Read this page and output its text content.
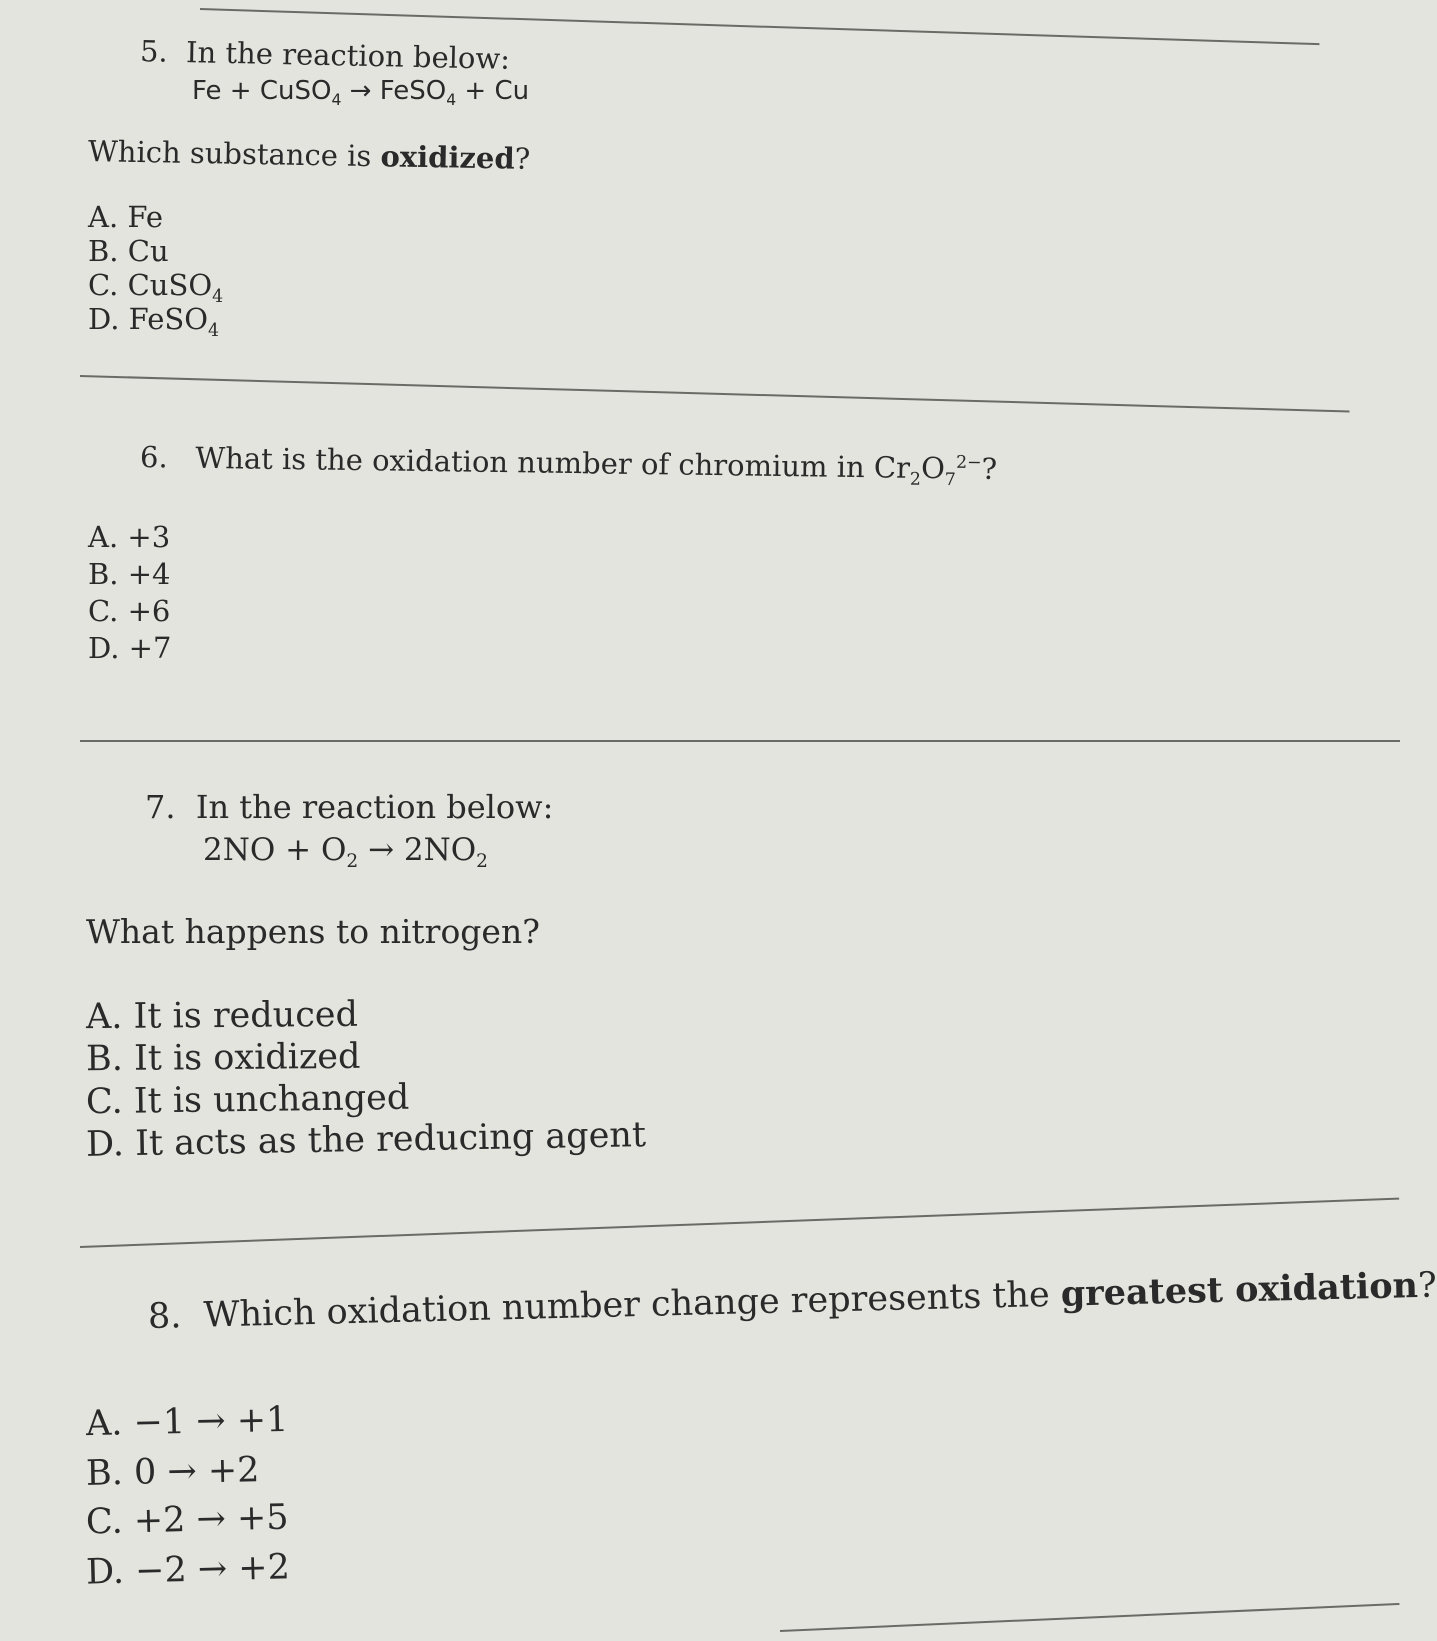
5. In the reaction below:
Fe + CuSO$_4$ → FeSO$_4$ + Cu
Which substance is oxidized?
A. Fe
B. Cu
C. CuSO$_4$
D. FeSO$_4$
6. What is the oxidation number of chromium in $Cr_2O_7^{2-}$?
A. +3
B. +4
C. +6
D. +7
7. In the reaction below:
$2NO + O_2 \to 2NO_2$
What happens to nitrogen?
A. It is reduced
B. It is oxidized
C. It is unchanged
D. It acts as the reducing agent
8. Which oxidation number change represents the greatest oxidation?
A. −1 → +1
B. 0 → +2
C. +2 → +5
D. −2 → +2
